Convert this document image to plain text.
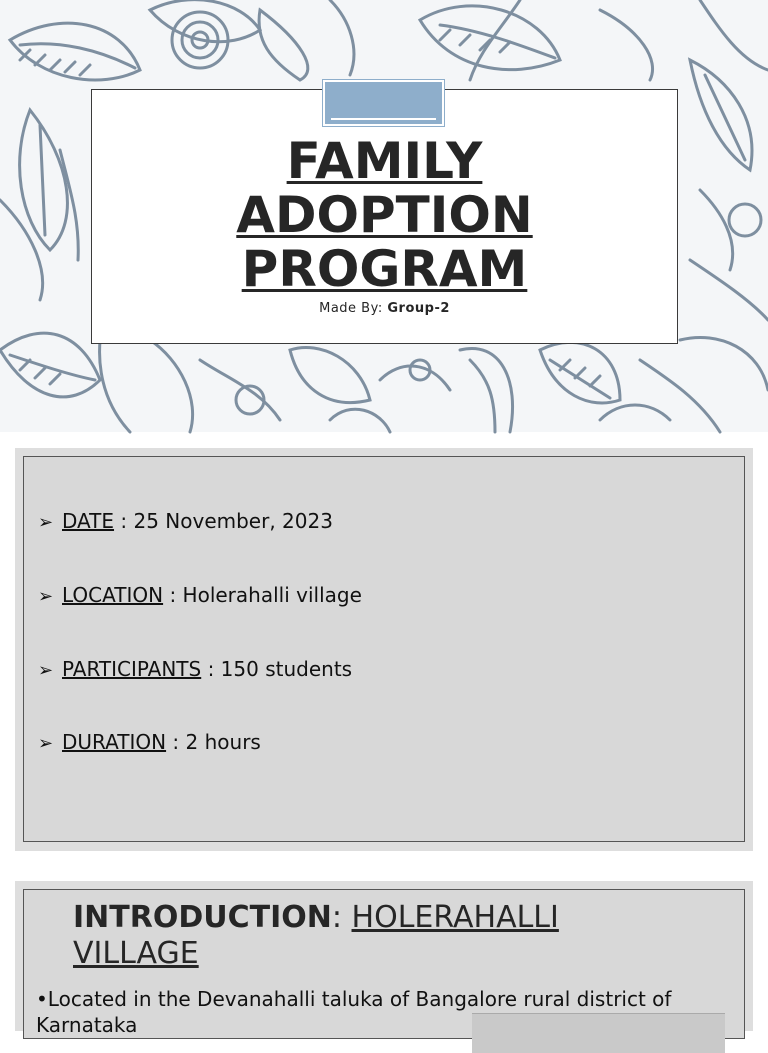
FAMILY
ADOPTION
PROGRAM
Made By: Group-2
➢ DATE : 25 November, 2023
➢ LOCATION : Holerahalli village
➢ PARTICIPANTS : 150 students
➢ DURATION : 2 hours
INTRODUCTION: HOLERAHALLI VILLAGE
•Located in the Devanahalli taluka of Bangalore rural district of Karnataka
